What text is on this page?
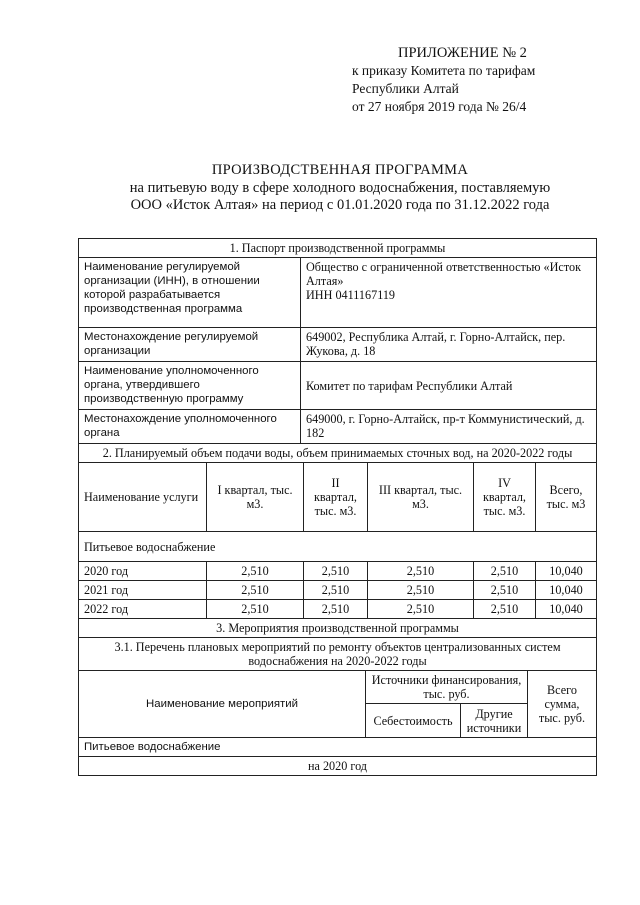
ПРИЛОЖЕНИЕ № 2
к приказу Комитета по тарифам
Республики Алтай
от 27 ноября 2019 года № 26/4
ПРОИЗВОДСТВЕННАЯ ПРОГРАММА
на питьевую воду в сфере холодного водоснабжения, поставляемую
ООО «Исток Алтая» на период с 01.01.2020 года по 31.12.2022 года
1. Паспорт производственной программы	
Наименование регулируемой организации (ИНН), в отношении которой разрабатывается производственная программа	Общество с ограниченной ответственностью «Исток Алтая»
ИНН 0411167119

Местонахождение регулируемой организации	649002, Республика Алтай, г. Горно-Алтайск, пер. Жукова, д. 18
Наименование уполномоченного органа, утвердившего производственную программу	Комитет по тарифам Республики Алтай
Местонахождение уполномоченного органа	649000, г. Горно-Алтайск, пр-т Коммунистический, д. 182
2. Планируемый объем подачи воды, объем принимаемых сточных вод, на 2020-2022 годы					
Наименование услуги	I квартал, тыс. м3.	II квартал, тыс. м3.	III квартал, тыс. м3.	IV квартал, тыс. м3.	Всего, тыс. м3
Питьевое водоснабжение					
2020 год	2,510	2,510	2,510	2,510	10,040
2021 год	2,510	2,510	2,510	2,510	10,040
2022 год	2,510	2,510	2,510	2,510	10,040
3. Мероприятия производственной программы			
3.1. Перечень плановых мероприятий по ремонту объектов централизованных систем водоснабжения на 2020-2022 годы			
Наименование мероприятий	Источники финансирования, тыс. руб.		Всего сумма, тыс. руб.
	Себестоимость	Другие источники	
Питьевое водоснабжение			
на 2020 год			
